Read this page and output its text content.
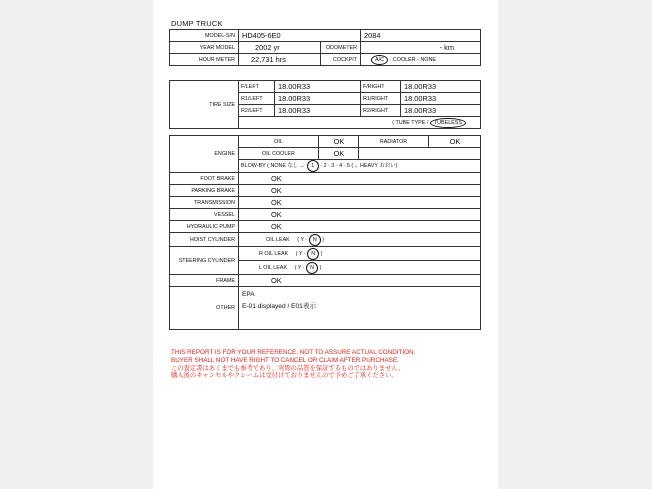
DUMP TRUCK
MODEL-S/N	HD405-6E0		2084
YEAR MODEL	2002 yr	ODOMETER	- km
HOUR METER	22,731 hrs	COCKPIT	A/C · COOLER - NONE
TIRE SIZE	F/LEFT	18.00R33	F/RIGHT	18.00R33
	R1/LEFT	18.00R33	R1/RIGHT	18.00R33
	R2/LEFT	18.00R33	R2/RIGHT	18.00R33
	( TUBE TYPE / TUBELESS			
ENGINE	OIL	OK	RADIATOR	OK
	OIL COOLER	OK		
	BLOW-BY ( NONE なし ← 1 · 2 · 3 · 4 · 5 (→ HEAVY おおい)			
FOOT BRAKE	OK			
PARKING BRAKE	OK			
TRANSMISSION	OK			
VESSEL	OK			
HYDRAULIC PUMP	OK			
HOIST CYLINDER	OIL LEAK ( Y · N )			
STEERING CYLINDER	R OIL LEAK ( Y · N )			
	L OIL LEAK ( Y · N )			
FRAME	OK			
OTHER	EPA
E-01 displayed / E01表示			
THIS REPORT IS FOR YOUR REFERENCE, NOT TO ASSURE ACTUAL CONDITION.
BUYER SHALL NOT HAVE RIGHT TO CANCEL OR CLAIM AFTER PURCHASE.
この査定書はあくまでも参考であり、実際の品質を保証するものではありません。
購入後のキャンセルやクレームは受付けておりませんので予めご了承ください。
